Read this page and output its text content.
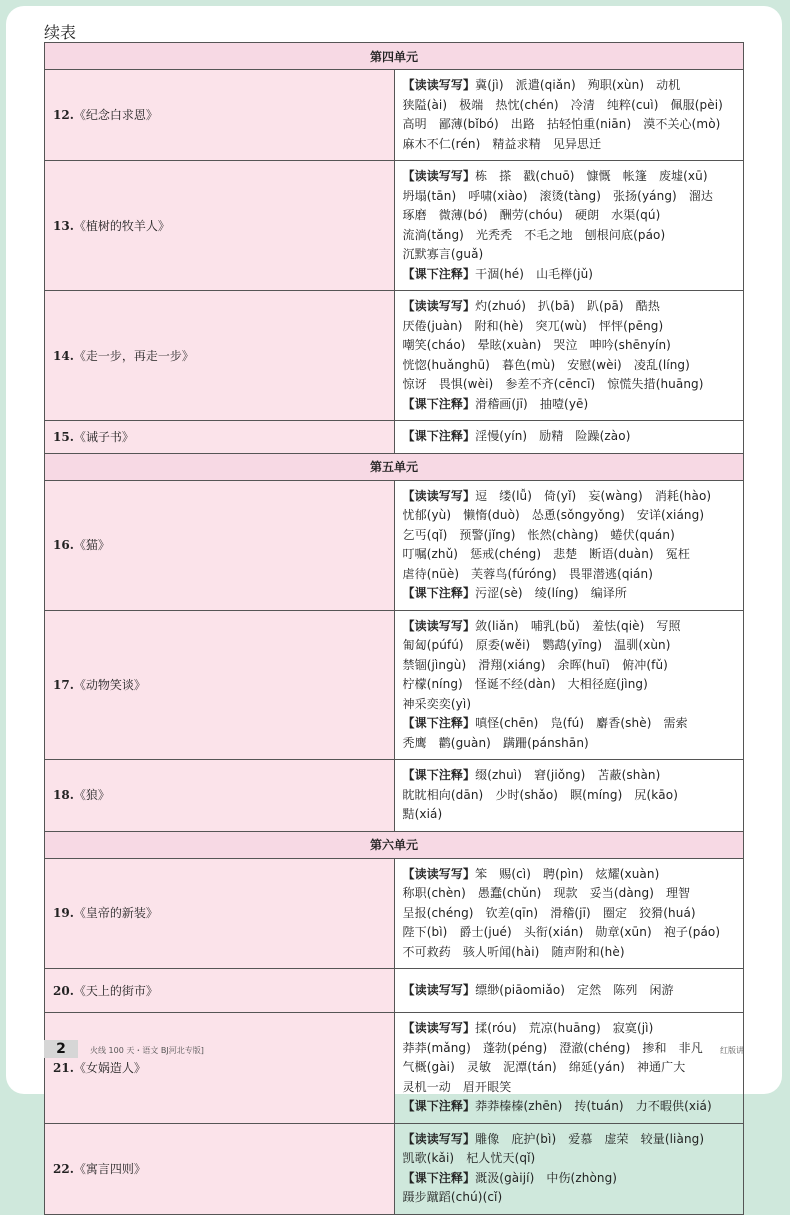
续表
第四单元	
12.《纪念白求恩》	【读读写写】冀(jì) 派遣(qiǎn) 殉职(xùn) 动机狭隘(ài) 极端 热忱(chén) 冷清 纯粹(cuì) 佩服(pèi)高明 鄙薄(bǐbó) 出路 拈轻怕重(niān) 漠不关心(mò)麻木不仁(rén) 精益求精 见异思迁

13.《植树的牧羊人》	【读读写写】栋 搽 戳(chuō) 慷慨 帐篷 废墟(xū)坍塌(tān) 呼啸(xiào) 滚烫(tàng) 张扬(yáng) 溜达琢磨 微薄(bó) 酬劳(chóu) 硬朗 水渠(qú)流淌(tǎng) 光秃秃 不毛之地 刨根问底(páo)沉默寡言(guǎ)
【课下注释】干涸(hé) 山毛榉(jǔ)

14.《走一步，再走一步》	【读读写写】灼(zhuó) 扒(bā) 趴(pā) 酷热厌倦(juàn) 附和(hè) 突兀(wù) 怦怦(pēng)嘲笑(cháo) 晕眩(xuàn) 哭泣 呻吟(shēnyín)恍惚(huǎnghū) 暮色(mù) 安慰(wèi) 凌乱(líng)惊讶 畏惧(wèi) 参差不齐(cēncī) 惊慌失措(huāng)
【课下注释】滑稽画(jī) 抽噎(yē)

15.《诫子书》	【课下注释】淫慢(yín) 励精 险躁(zào)

第五单元	
16.《猫》	【读读写写】逗 缕(lǚ) 倚(yǐ) 妄(wàng) 消耗(hào)忧郁(yù) 懒惰(duò) 怂恿(sǒngyǒng) 安详(xiáng)乞丐(qǐ) 预警(jǐng) 怅然(chàng) 蜷伏(quán)叮嘱(zhǔ) 惩戒(chéng) 悲楚 断语(duàn) 冤枉虐待(nüè) 芙蓉鸟(fúróng) 畏罪潜逃(qián)
【课下注释】污涩(sè) 绫(líng) 编译所

17.《动物笑谈》	【读读写写】敛(liǎn) 哺乳(bǔ) 羞怯(qiè) 写照匍匐(púfú) 原委(wěi) 鹦鹉(yīng) 温驯(xùn)禁锢(jìngù) 滑翔(xiáng) 余晖(huī) 俯冲(fǔ)柠檬(níng) 怪诞不经(dàn) 大相径庭(jìng)神采奕奕(yì)
【课下注释】嗔怪(chēn) 凫(fú) 麝香(shè) 需索秃鹰 鹳(guàn) 蹒跚(pánshān)

18.《狼》	【课下注释】缀(zhuì) 窘(jiǒng) 苫蔽(shàn)眈眈相向(dān) 少时(shǎo) 瞑(míng) 尻(kāo)黠(xiá)

第六单元	
19.《皇帝的新装》	【读读写写】笨 赐(cì) 聘(pìn) 炫耀(xuàn)称职(chèn) 愚蠢(chǔn) 现款 妥当(dàng) 理智呈报(chéng) 钦差(qīn) 滑稽(jī) 圈定 狡猾(huá)陛下(bì) 爵士(jué) 头衔(xián) 勋章(xūn) 袍子(páo)不可救药 骇人听闻(hài) 随声附和(hè)

20.《天上的街市》	【读读写写】缥缈(piāomiǎo) 定然 陈列 闲游

21.《女娲造人》	【读读写写】揉(róu) 荒凉(huāng) 寂寞(jì)莽莽(mǎng) 蓬勃(péng) 澄澈(chéng) 掺和 非凡气概(gài) 灵敏 泥潭(tán) 绵延(yán) 神通广大灵机一动 眉开眼笑
【课下注释】莽莽榛榛(zhēn) 抟(tuán) 力不暇供(xiá)

22.《寓言四则》	【读读写写】雕像 庇护(bì) 爱慕 虚荣 较量(liàng)凯歌(kǎi) 杞人忧天(qǐ)
【课下注释】溉汲(gàijí) 中伤(zhòng)蹑步蹴蹈(chú)(cǐ)
2	火线 100 天・语文 BJ河北专版]	红版讲
